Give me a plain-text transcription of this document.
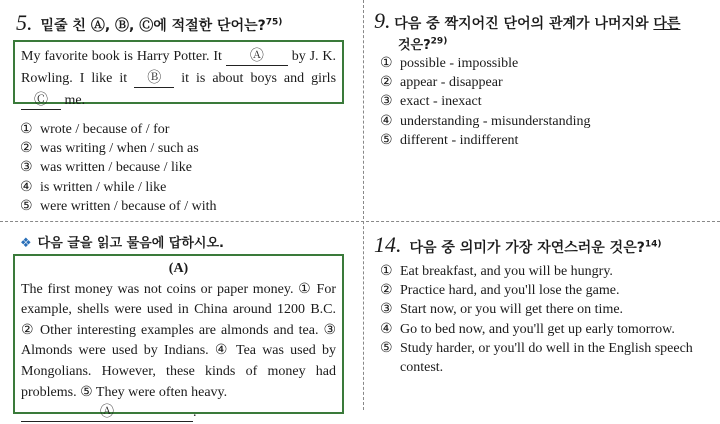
5. 밑줄 친 Ⓐ, Ⓑ, Ⓒ에 적절한 단어는?$^{75)}$
My favorite book is Harry Potter. It Ⓐ by J. K. Rowling. I like it Ⓑ it is about boys and girls Ⓒ me.
① wrote / because of / for
② was writing / when / such as
③ was written / because / like
④ is written / while / like
⑤ were written / because of / with
9. 다음 중 짝지어진 단어의 관계가 나머지와 다른
것은?$^{29)}$
① possible - impossible
② appear - disappear
③ exact - inexact
④ understanding - misunderstanding
⑤ different - indifferent
❖ 다음 글을 읽고 물음에 답하시오.
(A)
The first money was not coins or paper money. ① For example, shells were used in China around 1200 B.C. ② Other interesting examples are almonds and tea. ③ Almonds were used by Indians. ④ Tea was used by Mongolians. However, these kinds of money had problems. ⑤ They were often heavy.
Ⓐ	.
14. 다음 중 의미가 가장 자연스러운 것은?$^{14)}$
① Eat breakfast, and you will be hungry.
② Practice hard, and you'll lose the game.
③ Start now, or you will get there on time.
④ Go to bed now, and you'll get up early tomorrow.
⑤ Study harder, or you'll do well in the English speech contest.
